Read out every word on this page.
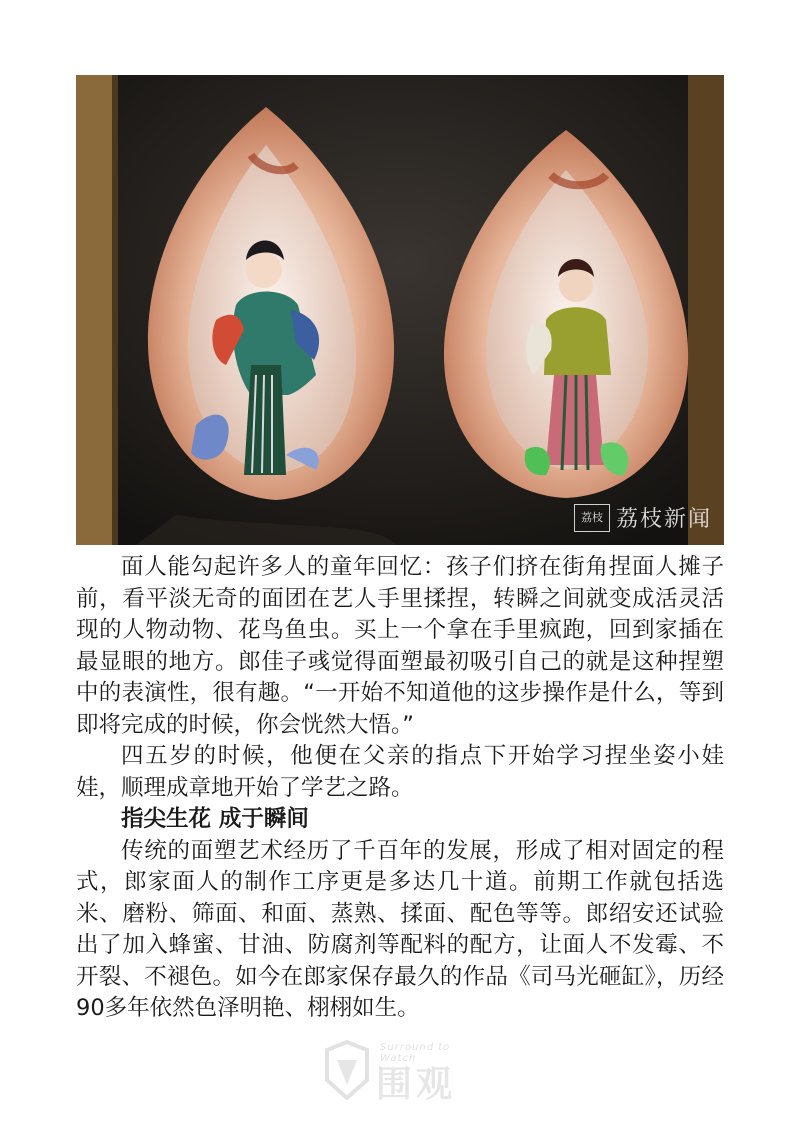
荔枝 荔枝新闻

面人能勾起许多人的童年回忆：孩子们挤在街角捏面人摊子前，看平淡无奇的面团在艺人手里揉捏，转瞬之间就变成活灵活现的人物动物、花鸟鱼虫。买上一个拿在手里疯跑，回到家插在最显眼的地方。郎佳子彧觉得面塑最初吸引自己的就是这种捏塑中的表演性，很有趣。“一开始不知道他的这步操作是什么，等到即将完成的时候，你会恍然大悟。”

四五岁的时候，他便在父亲的指点下开始学习捏坐姿小娃娃，顺理成章地开始了学艺之路。

指尖生花 成于瞬间

传统的面塑艺术经历了千百年的发展，形成了相对固定的程式，郎家面人的制作工序更是多达几十道。前期工作就包括选米、磨粉、筛面、和面、蒸熟、揉面、配色等等。郎绍安还试验出了加入蜂蜜、甘油、防腐剂等配料的配方，让面人不发霉、不开裂、不褪色。如今在郎家保存最久的作品《司马光砸缸》，历经90多年依然色泽明艳、栩栩如生。

Surround to Watch
围观
